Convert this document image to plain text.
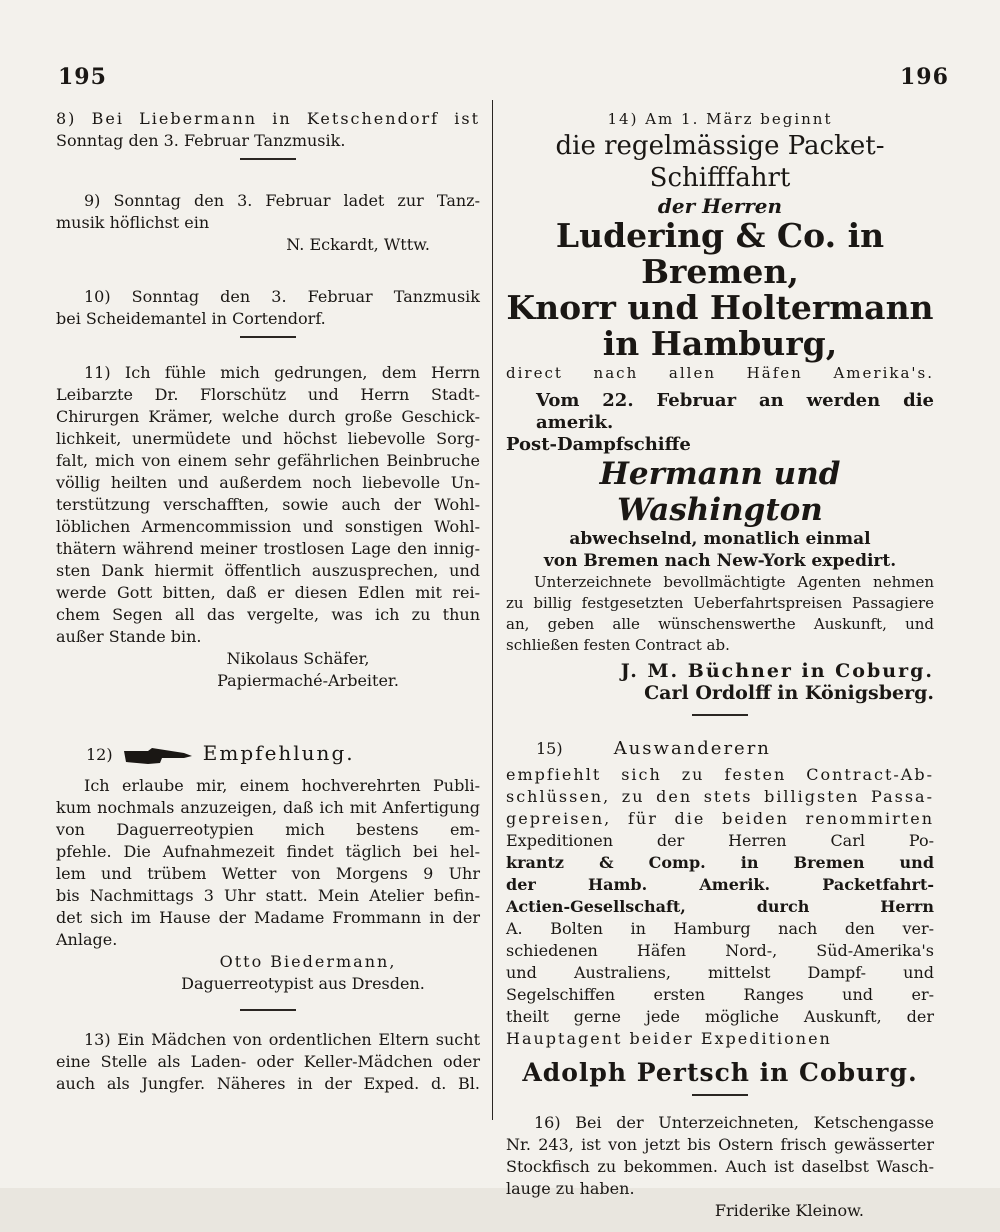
195	196

8) Bei Liebermann in Ketschendorf ist

Sonntag den 3. Februar Tanzmusik.

9) Sonntag den 3. Februar ladet zur Tanz-

musik höflichst ein

N. Eckardt, Wttw.

10) Sonntag den 3. Februar Tanzmusik

bei Scheidemantel in Cortendorf.

11) Ich fühle mich gedrungen, dem Herrn

Leibarzte Dr. Florschütz und Herrn Stadt-

Chirurgen Krämer, welche durch große Geschick-

lichkeit, unermüdete und höchst liebevolle Sorg-

falt, mich von einem sehr gefährlichen Beinbruche

völlig heilten und außerdem noch liebevolle Un-

terstützung verschafften, sowie auch der Wohl-

löblichen Armencommission und sonstigen Wohl-

thätern während meiner trostlosen Lage den innig-

sten Dank hiermit öffentlich auszusprechen, und

werde Gott bitten, daß er diesen Edlen mit rei-

chem Segen all das vergelte, was ich zu thun

außer Stande bin.

Nikolaus Schäfer,

Papiermaché-Arbeiter.

12)	Empfehlung.

Ich erlaube mir, einem hochverehrten Publi-

kum nochmals anzuzeigen, daß ich mit Anfertigung

von Daguerreotypien mich bestens em-

pfehle. Die Aufnahmezeit findet täglich bei hel-

lem und trübem Wetter von Morgens 9 Uhr

bis Nachmittags 3 Uhr statt. Mein Atelier befin-

det sich im Hause der Madame Frommann in der

Anlage.

Otto Biedermann,

Daguerreotypist aus Dresden.

13) Ein Mädchen von ordentlichen Eltern sucht

eine Stelle als Laden- oder Keller-Mädchen oder

auch als Jungfer. Näheres in der Exped. d. Bl.

14) Am 1. März beginnt

die regelmässige Packet-Schifffahrt

der Herren

Ludering & Co. in Bremen,

Knorr und Holtermann

in Hamburg,

direct nach allen Häfen Amerika's.

Vom 22. Februar an werden die amerik.

Post-Dampfschiffe

Hermann und Washington

abwechselnd, monatlich einmal

von Bremen nach New-York expedirt.

Unterzeichnete bevollmächtigte Agenten nehmen

zu billig festgesetzten Ueberfahrtspreisen Passagiere

an, geben alle wünschenswerthe Auskunft, und

schließen festen Contract ab.

J. M. Büchner in Coburg.

Carl Ordolff in Königsberg.

15)	Auswanderern

empfiehlt sich zu festen Contract-Ab-

schlüssen, zu den stets billigsten Passa-

gepreisen, für die beiden renommirten

Expeditionen der Herren Carl Po-

krantz & Comp. in Bremen und

der Hamb. Amerik. Packetfahrt-

Actien-Gesellschaft, durch Herrn

A. Bolten in Hamburg nach den ver-

schiedenen Häfen Nord-, Süd-Amerika's

und Australiens, mittelst Dampf- und

Segelschiffen ersten Ranges und er-

theilt gerne jede mögliche Auskunft, der

Hauptagent beider Expeditionen

Adolph Pertsch in Coburg.

16) Bei der Unterzeichneten, Ketschengasse

Nr. 243, ist von jetzt bis Ostern frisch gewässerter

Stockfisch zu bekommen. Auch ist daselbst Wasch-

lauge zu haben.

Friderike Kleinow.
